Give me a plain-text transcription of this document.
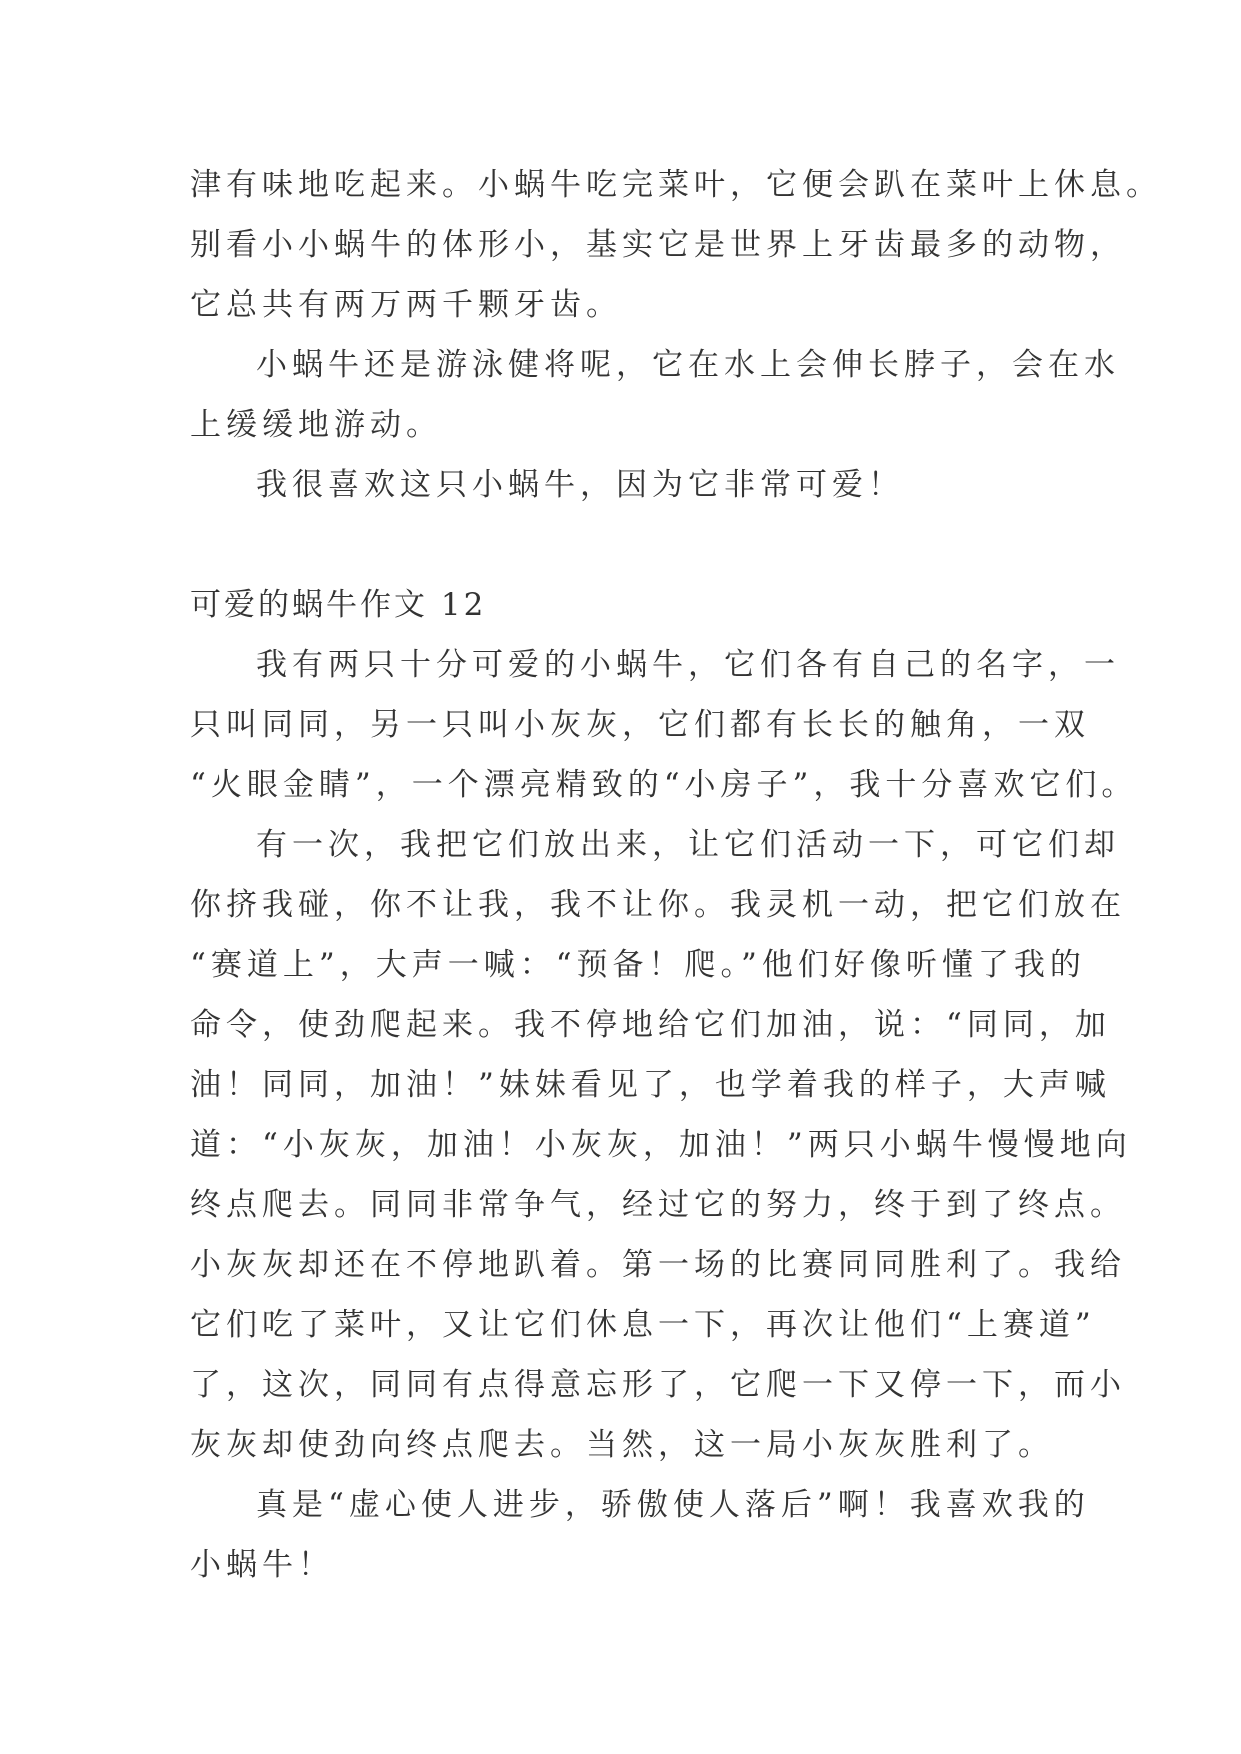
津有味地吃起来。小蜗牛吃完菜叶，它便会趴在菜叶上休息。
别看小小蜗牛的体形小，基实它是世界上牙齿最多的动物，
它总共有两万两千颗牙齿。
小蜗牛还是游泳健将呢，它在水上会伸长脖子，会在水
上缓缓地游动。
我很喜欢这只小蜗牛，因为它非常可爱！
可爱的蜗牛作文 12
我有两只十分可爱的小蜗牛，它们各有自己的名字，一
只叫同同，另一只叫小灰灰，它们都有长长的触角，一双
“火眼金睛”，一个漂亮精致的“小房子”，我十分喜欢它们。
有一次，我把它们放出来，让它们活动一下，可它们却
你挤我碰，你不让我，我不让你。我灵机一动，把它们放在
“赛道上”，大声一喊：“预备！爬。”他们好像听懂了我的
命令，使劲爬起来。我不停地给它们加油，说：“同同，加
油！同同，加油！”妹妹看见了，也学着我的样子，大声喊
道：“小灰灰，加油！小灰灰，加油！”两只小蜗牛慢慢地向
终点爬去。同同非常争气，经过它的努力，终于到了终点。
小灰灰却还在不停地趴着。第一场的比赛同同胜利了。我给
它们吃了菜叶，又让它们休息一下，再次让他们“上赛道”
了，这次，同同有点得意忘形了，它爬一下又停一下，而小
灰灰却使劲向终点爬去。当然，这一局小灰灰胜利了。
真是“虚心使人进步，骄傲使人落后”啊！我喜欢我的
小蜗牛！
